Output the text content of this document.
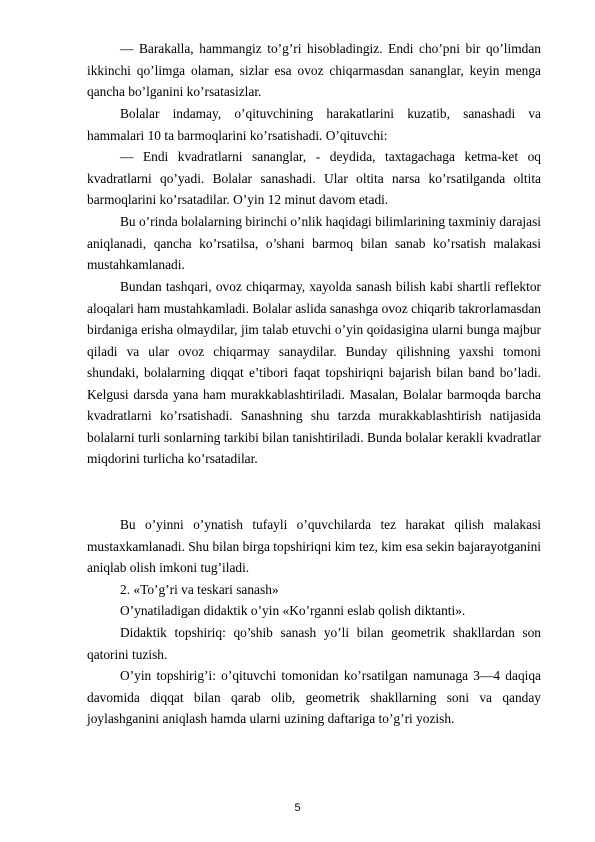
— Barakalla, hammangiz to’g’ri hisobladingiz. Endi cho’pni bir qo’limdan ikkinchi qo’limga olaman, sizlar esa ovoz chiqarmasdan sananglar, keyin menga qancha bo’lganini ko’rsatasizlar.

Bolalar indamay, o’qituvchining harakatlarini kuzatib, sanashadi va hammalari 10 ta barmoqlarini ko’rsatishadi. O’qituvchi:

— Endi kvadratlarni sananglar, - deydida, taxtagachaga ketma-ket oq kvadratlarni qo’yadi. Bolalar sanashadi. Ular oltita narsa ko’rsatilganda oltita barmoqlarini ko’rsatadilar. O’yin 12 minut davom etadi.

Bu o’rinda bolalarning birinchi o’nlik haqidagi bilimlarining taxminiy darajasi aniqlanadi, qancha ko’rsatilsa, o’shani barmoq bilan sanab ko’rsatish malakasi mustahkamlanadi.

Bundan tashqari, ovoz chiqarmay, xayolda sanash bilish kabi shartli reflektor aloqalari ham mustahkamladi. Bolalar aslida sanashga ovoz chiqarib takrorlamasdan birdaniga erisha olmaydilar, jim talab etuvchi o’yin qoidasigina ularni bunga majbur qiladi va ular ovoz chiqarmay sanaydilar. Bunday qilishning yaxshi tomoni shundaki, bolalarning diqqat e’tibori faqat topshiriqni bajarish bilan band bo’ladi. Kelgusi darsda yana ham murakkablashtiriladi. Masalan, Bolalar barmoqda barcha kvadratlarni ko’rsatishadi. Sanashning shu tarzda murakkablashtirish natijasida bolalarni turli sonlarning tarkibi bilan tanishtiriladi. Bunda bolalar kerakli kvadratlar miqdorini turlicha ko’rsatadilar.

Bu o’yinni o’ynatish tufayli o’quvchilarda tez harakat qilish malakasi mustaxkamlanadi. Shu bilan birga topshiriqni kim tez, kim esa sekin bajarayotganini aniqlab olish imkoni tug’iladi.

2. «To’g’ri va teskari sanash»

O’ynatiladigan didaktik o’yin «Ko’rganni eslab qolish diktanti».

Didaktik topshiriq: qo’shib sanash yo’li bilan geometrik shakllardan son qatorini tuzish.

O’yin topshirig’i: o’qituvchi tomonidan ko’rsatilgan namunaga 3—4 daqiqa davomida diqqat bilan qarab olib, geometrik shakllarning soni va qanday joylashganini aniqlash hamda ularni uzining daftariga to’g’ri yozish.

5
